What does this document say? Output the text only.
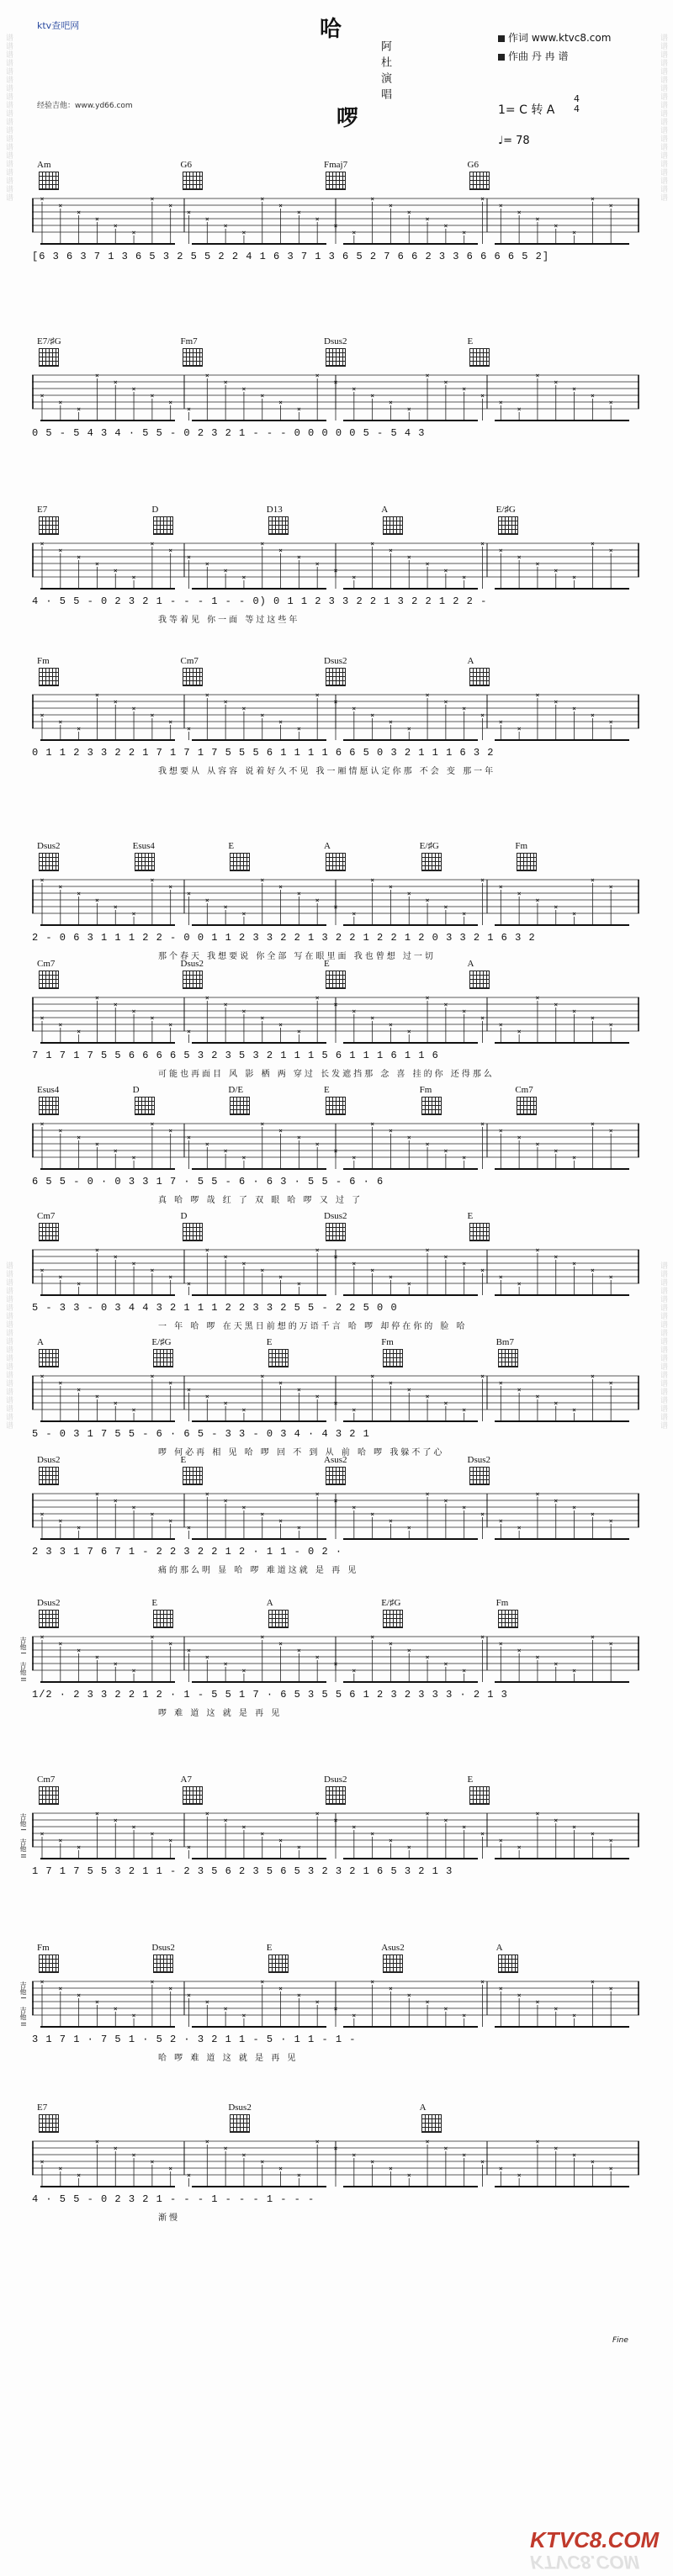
谱谱谱谱谱谱谱谱谱谱谱谱谱谱谱谱谱谱谱谱
谱谱谱谱谱谱谱谱谱谱谱谱谱谱谱谱谱谱谱谱
谱谱谱谱谱谱谱谱谱谱谱谱谱谱谱谱谱谱谱谱
谱谱谱谱谱谱谱谱谱谱谱谱谱谱谱谱谱谱谱谱
ktv查吧网
经验吉他：www.yd66.com
哈
啰
阿杜演唱
作词 www.ktvc8.com
作曲 丹 冉 谱
1= C 转 A
4
4
♩= 78
×
×
×
×
×
×
×
×
×
×
×
×
×
×
×
×
×
×
×
×
×
×
×
×
×
×
×
×
×
×
×
×
Am	G6	Fmaj7	G6
[6 3 6 3 7 1 3 6 5 3 2 5 5 2 2 4 1 6 3 7 1 3 6 5 2 7 6 6 2 3 3 6 6 6 6 5 2]
×
×
×
×
×
×
×
×
×
×
×
×
×
×
×
×
×
×
×
×
×
×
×
×
×
×
×
×
×
×
×
×
E7/♯G	Fm7	Dsus2	E
0 5 - 5 4 3 4 · 5 5 - 0 2 3 2 1 - - - 0 0 0 0 0 5 - 5 4 3
×
×
×
×
×
×
×
×
×
×
×
×
×
×
×
×
×
×
×
×
×
×
×
×
×
×
×
×
×
×
×
×
E7	D	D13	A	E/♯G
4 · 5 5 - 0 2 3 2 1 - - - 1 - - 0) 0 1 1 2 3 3 2 2 1 3 2 2 1 2 2 -
我等着见 你一面 等过这些年
×
×
×
×
×
×
×
×
×
×
×
×
×
×
×
×
×
×
×
×
×
×
×
×
×
×
×
×
×
×
×
×
Fm	Cm7	Dsus2	A
0 1 1 2 3 3 2 2 1 7 1 7 1 7 5 5 5 6 1 1 1 1 6 6 5 0 3 2 1 1 1 6 3 2
我想要从 从容容 说着好久不见 我一厢情愿认定你那 不会 变 那一年
×
×
×
×
×
×
×
×
×
×
×
×
×
×
×
×
×
×
×
×
×
×
×
×
×
×
×
×
×
×
×
×
Dsus2	Esus4	E	A	E/♯G	Fm
2 - 0 6 3 1 1 1 2 2 - 0 0 1 1 2 3 3 2 2 1 3 2 2 1 2 2 1 2 0 3 3 2 1 6 3 2
那个春天 我想要说 你全部 写在眼里面 我也曾想 过一切
×
×
×
×
×
×
×
×
×
×
×
×
×
×
×
×
×
×
×
×
×
×
×
×
×
×
×
×
×
×
×
×
Cm7	Dsus2	E	A
7 1 7 1 7 5 5 6 6 6 6 5 3 2 3 5 3 2 1 1 1 5 6 1 1 1 6 1 1 6
可能也再面目 风 影 栖 两 穿过 长发遮挡那 念 喜 挂的你 还得那么
×
×
×
×
×
×
×
×
×
×
×
×
×
×
×
×
×
×
×
×
×
×
×
×
×
×
×
×
×
×
×
×
Esus4	D	D/E	E	Fm	Cm7
6 5 5 - 0 · 0 3 3 1 7 · 5 5 - 6 · 6 3 · 5 5 - 6 · 6
真 哈 啰 哉 红 了 双 眼 哈 啰 又 过 了
×
×
×
×
×
×
×
×
×
×
×
×
×
×
×
×
×
×
×
×
×
×
×
×
×
×
×
×
×
×
×
×
Cm7	D	Dsus2	E
5 - 3 3 - 0 3 4 4 3 2 1 1 1 2 2 3 3 2 5 5 - 2 2 5 0 0
一 年 哈 啰 在天黑日前想的万语千言 哈 啰 却停在你的 脸 哈
×
×
×
×
×
×
×
×
×
×
×
×
×
×
×
×
×
×
×
×
×
×
×
×
×
×
×
×
×
×
×
×
A	E/♯G	E	Fm	Bm7
5 - 0 3 1 7 5 5 - 6 · 6 5 - 3 3 - 0 3 4 · 4 3 2 1
啰 何必再 相 见 哈 啰 回 不 到 从 前 哈 啰 我躲不了心
×
×
×
×
×
×
×
×
×
×
×
×
×
×
×
×
×
×
×
×
×
×
×
×
×
×
×
×
×
×
×
×
Dsus2	E	Asus2	Dsus2
2 3 3 1 7 6 7 1 - 2 2 3 2 2 1 2 · 1 1 - 0 2 ·
痛的那么明 显 哈 啰 难道这就 是 再 见
×
×
×
×
×
×
×
×
×
×
×
×
×
×
×
×
×
×
×
×
×
×
×
×
×
×
×
×
×
×
×
×
Dsus2	E	A	E/♯G	Fm
1/2 · 2 3 3 2 2 1 2 · 1 - 5 5 1 7 · 6 5 3 5 5 6 1 2 3 2 3 3 3 · 2 1 3
啰 难 道 这 就 是 再 见
吉他 I
吉他 II
×
×
×
×
×
×
×
×
×
×
×
×
×
×
×
×
×
×
×
×
×
×
×
×
×
×
×
×
×
×
×
×
Cm7	A7	Dsus2	E
1 7 1 7 5 5 3 2 1 1 - 2 3 5 6 2 3 5 6 5 3 2 3 2 1 6 5 3 2 1 3
吉他 I
吉他 II
×
×
×
×
×
×
×
×
×
×
×
×
×
×
×
×
×
×
×
×
×
×
×
×
×
×
×
×
×
×
×
×
Fm	Dsus2	E	Asus2	A
3 1 7 1 · 7 5 1 · 5 2 · 3 2 1 1 - 5 · 1 1 - 1 -
哈 啰 难 道 这 就 是 再 见
吉他 I
吉他 II
×
×
×
×
×
×
×
×
×
×
×
×
×
×
×
×
×
×
×
×
×
×
×
×
×
×
×
×
×
×
×
×
E7	Dsus2	A
4 · 5 5 - 0 2 3 2 1 - - - 1 - - - 1 - - -
渐慢
Fine
KTVC8.COM
KTVC8.COM
